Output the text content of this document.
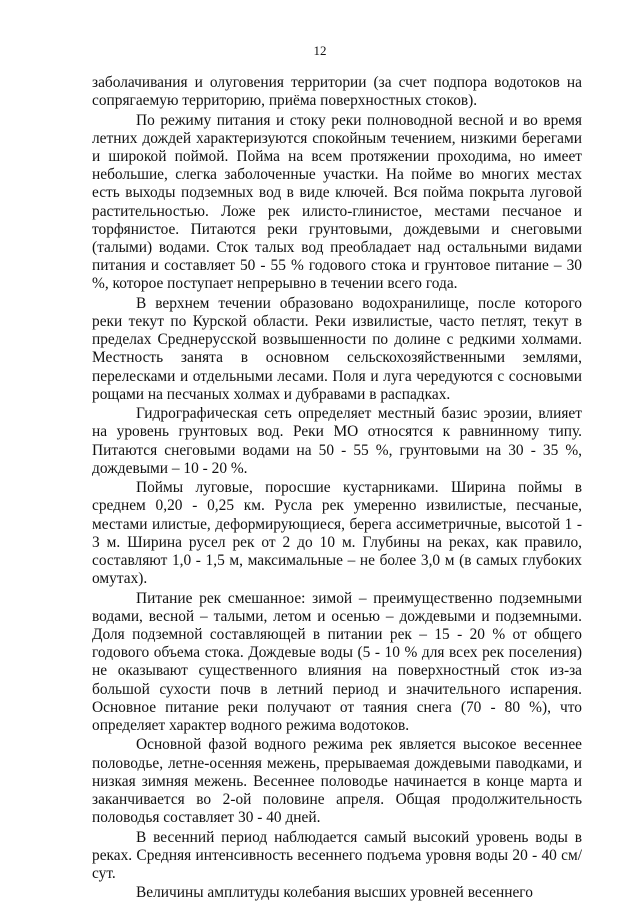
12

заболачивания и олуговения территории (за счет подпора водотоков на сопрягаемую территорию, приёма поверхностных стоков).

По режиму питания и стоку реки полноводной весной и во время летних дождей характеризуются спокойным течением, низкими берегами и широкой поймой. Пойма на всем протяжении проходима, но имеет небольшие, слегка заболоченные участки. На пойме во многих местах есть выходы подземных вод в виде ключей. Вся пойма покрыта луговой растительностью. Ложе рек илисто-глинистое, местами песчаное и торфянистое. Питаются реки грунтовыми, дождевыми и снеговыми (талыми) водами. Сток талых вод преобладает над остальными видами питания и составляет 50 - 55 % годового стока и грунтовое питание – 30 %, которое поступает непрерывно в течении всего года.

В верхнем течении образовано водохранилище, после которого реки текут по Курской области. Реки извилистые, часто петлят, текут в пределах Среднерусской возвышенности по долине с редкими холмами. Местность занята в основном сельскохозяйственными землями, перелесками и отдельными лесами. Поля и луга чередуются с сосновыми рощами на песчаных холмах и дубравами в распадках.

Гидрографическая сеть определяет местный базис эрозии, влияет на уровень грунтовых вод. Реки МО относятся к равнинному типу. Питаются снеговыми водами на 50 - 55 %, грунтовыми на 30 - 35 %, дождевыми – 10 - 20 %.

Поймы луговые, поросшие кустарниками. Ширина поймы в среднем 0,20 - 0,25 км. Русла рек умеренно извилистые, песчаные, местами илистые, деформирующиеся, берега ассиметричные, высотой 1 - 3 м. Ширина русел рек от 2 до 10 м. Глубины на реках, как правило, составляют 1,0 - 1,5 м, максимальные – не более 3,0 м (в самых глубоких омутах).

Питание рек смешанное: зимой – преимущественно подземными водами, весной – талыми, летом и осенью – дождевыми и подземными. Доля подземной составляющей в питании рек – 15 - 20 % от общего годового объема стока. Дождевые воды (5 - 10 % для всех рек поселения) не оказывают существенного влияния на поверхностный сток из-за большой сухости почв в летний период и значительного испарения. Основное питание реки получают от таяния снега (70 - 80 %), что определяет характер водного режима водотоков.

Основной фазой водного режима рек является высокое весеннее половодье, летне-осенняя межень, прерываемая дождевыми паводками, и низкая зимняя межень. Весеннее половодье начинается в конце марта и заканчивается во 2-ой половине апреля. Общая продолжительность половодья составляет 30 - 40 дней.

В весенний период наблюдается самый высокий уровень воды в реках. Средняя интенсивность весеннего подъема уровня воды 20 - 40 см/сут.

Величины амплитуды колебания высших уровней весеннего
